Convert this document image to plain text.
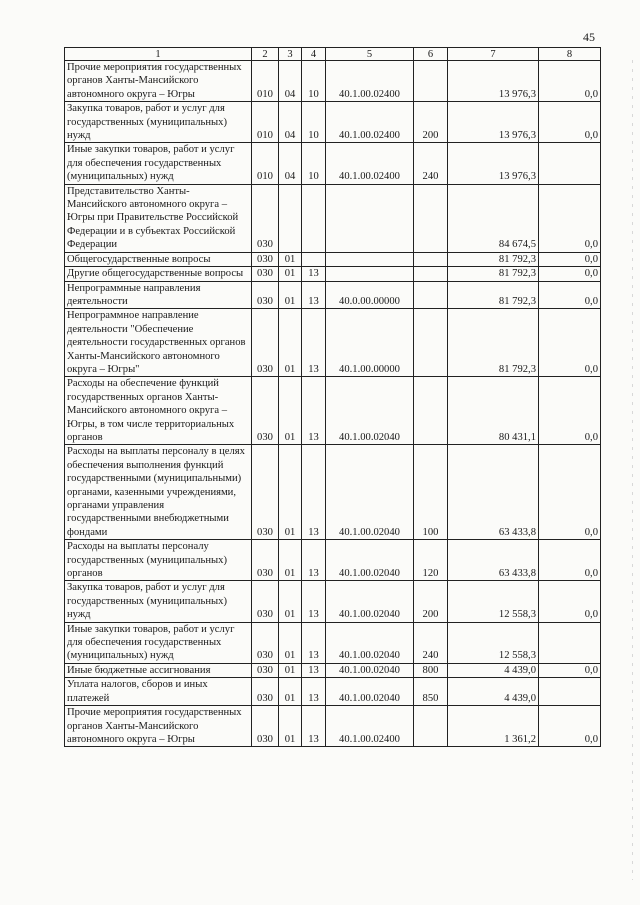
45
1	2	3	4	5	6	7	8
Прочие мероприятия государственных органов Ханты-Мансийского автономного округа – Югры	010	04	10	40.1.00.02400		13 976,3	0,0
Закупка товаров, работ и услуг для государственных (муниципальных) нужд	010	04	10	40.1.00.02400	200	13 976,3	0,0
Иные закупки товаров, работ и услуг для обеспечения государственных (муниципальных) нужд	010	04	10	40.1.00.02400	240	13 976,3	
Представительство Ханты-Мансийского автономного округа – Югры при Правительстве Российской Федерации и в субъектах Российской Федерации	030					84 674,5	0,0
Общегосударственные вопросы	030	01				81 792,3	0,0
Другие общегосударственные вопросы	030	01	13			81 792,3	0,0
Непрограммные направления деятельности	030	01	13	40.0.00.00000		81 792,3	0,0
Непрограммное направление деятельности "Обеспечение деятельности государственных органов Ханты-Мансийского автономного округа – Югры"	030	01	13	40.1.00.00000		81 792,3	0,0
Расходы на обеспечение функций государственных органов Ханты-Мансийского автономного округа – Югры, в том числе территориальных органов	030	01	13	40.1.00.02040		80 431,1	0,0
Расходы на выплаты персоналу в целях обеспечения выполнения функций государственными (муниципальными) органами, казенными учреждениями, органами управления государственными внебюджетными фондами	030	01	13	40.1.00.02040	100	63 433,8	0,0
Расходы на выплаты персоналу государственных (муниципальных) органов	030	01	13	40.1.00.02040	120	63 433,8	0,0
Закупка товаров, работ и услуг для государственных (муниципальных) нужд	030	01	13	40.1.00.02040	200	12 558,3	0,0
Иные закупки товаров, работ и услуг для обеспечения государственных (муниципальных) нужд	030	01	13	40.1.00.02040	240	12 558,3	
Иные бюджетные ассигнования	030	01	13	40.1.00.02040	800	4 439,0	0,0
Уплата налогов, сборов и иных платежей	030	01	13	40.1.00.02040	850	4 439,0	
Прочие мероприятия государственных органов Ханты-Мансийского автономного округа – Югры	030	01	13	40.1.00.02400		1 361,2	0,0
